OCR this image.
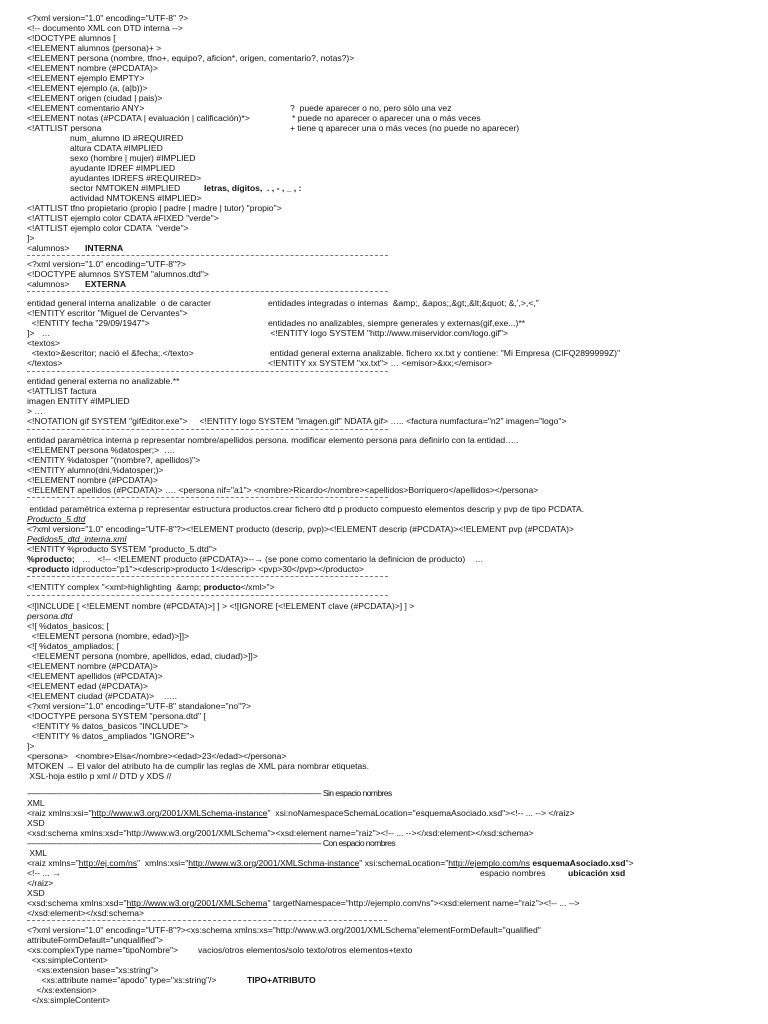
<?xml version="1.0" encoding="UTF-8" ?>
<!-- documento XML con DTD interna -->
<!DOCTYPE alumnos [
<!ELEMENT alumnos (persona)+ >
<!ELEMENT persona (nombre, tfno+, equipo?, aficion*, origen, comentario?, notas?)>
<!ELEMENT nombre (#PCDATA)>
<!ELEMENT ejemplo EMPTY>
<!ELEMENT ejemplo (a, (a|b))>
<!ELEMENT origen (ciudad | pais)>
<!ELEMENT comentario ANY>
<!ELEMENT notas (#PCDATA | evaluación | calificación)*>
<!ATTLIST persona
?  puede aparecer o no, pero sólo una vez
* puede no aparecer o aparecer una o más veces
+ tiene q aparecer una o más veces (no puede no aparecer)
num_alumno ID #REQUIRED
altura CDATA #IMPLIED
sexo (hombre | mujer) #IMPLIED
ayudante IDREF #IMPLIED
ayudantes IDREFS #REQUIRED>
sector NMTOKEN #IMPLIED	letras, dígitos,  . , - , _ , :
actividad NMTOKENS #IMPLIED>
<!ATTLIST tfno propietario (propio | padre | madre | tutor) "propio">
<!ATTLIST ejemplo color CDATA #FIXED "verde">
<!ATTLIST ejemplo color CDATA  "verde">
]>
<alumnos> INTERNA
<?xml version="1.0" encoding="UTF-8"?>
<!DOCTYPE alumnos SYSTEM "alumnos.dtd">
<alumnos> EXTERNA
entidad general interna analizable  o de caracter
<!ENTITY escritor "Miguel de Cervantes">
<!ENTITY fecha "29/09/1947">
]>   …
<textos>
<texto>&escritor; nació el &fecha;.</texto>
</textos>
entidades integradas o internas  &amp;, &apos;,&gt;,&lt;&quot; &,',>,<,"
entidades no analizables, siempre generales y externas(gif,exe...)**
<!ENTITY logo SYSTEM "http://www.miservidor.com/logo.gif">
entidad general externa analizable. fichero xx.txt y contiene: "Mi Empresa (CIFQ2899999Z)"
<!ENTITY xx SYSTEM "xx.txt"> … <emisor>&xx;</emisor>
entidad general externa no analizable.**
<!ATTLIST factura
imagen ENTITY #IMPLIED
> …
<!NOTATION gif SYSTEM "gifEditor.exe">     <!ENTITY logo SYSTEM "imagen.gif" NDATA gif> ….. <factura numfactura="n2" imagen="logo">
entidad paramétrica interna p representar nombre/apellidos persona. modificar elemento persona para definirlo con la entidad…..
<!ELEMENT persona %datosper;>  ….
<!ENTITY %datosper "(nombre?, apellidos)">
<!ENTITY alumno(dni,%datosper;)>
<!ELEMENT nombre (#PCDATA)>
<!ELEMENT apellidos (#PCDATA)> …. <persona nif="a1"> <nombre>Ricardo</nombre><apellidos>Borriquero</apellidos></persona>
entidad paramétrica externa p representar estructura productos.crear fichero dtd p producto compuesto elementos descrip y pvp de tipo PCDATA.
Producto_5.dtd
<?xml version="1.0" encoding="UTF-8"?><!ELEMENT producto (descrip, pvp)><!ELEMENT descrip (#PCDATA)><!ELEMENT pvp (#PCDATA)>
Pedidos5_dtd_interna.xml
<!ENTITY %producto SYSTEM "producto_5.dtd">
%producto;   …   <!-- <!ELEMENT producto (#PCDATA)>--→ (se pone como comentario la definicion de producto)    …
<producto idproducto="p1"><descrip>producto 1</descrip> <pvp>30</pvp></producto>
<!ENTITY complex "<xml>highlighting  &amp; producto</xml>">
<![INCLUDE [ <!ELEMENT nombre (#PCDATA)>] ] > <![IGNORE [<!ELEMENT clave (#PCDATA)>] ] >
persona.dtd
<![ %datos_basicos; [
<!ELEMENT persona (nombre, edad)>]]>
<![ %datos_ampliados; [
<!ELEMENT persona (nombre, apellidos, edad, ciudad)>]]>
<!ELEMENT nombre (#PCDATA)>
<!ELEMENT apellidos (#PCDATA)>
<!ELEMENT edad (#PCDATA)>
<!ELEMENT ciudad (#PCDATA)>    …..
<?xml version="1.0" encoding="UTF-8" standalone="no"?>
<!DOCTYPE persona SYSTEM "persona.dtd" [
<!ENTITY % datos_basicos "INCLUDE">
<!ENTITY % datos_ampliados "IGNORE">
]>
<persona>   <nombre>Elsa</nombre><edad>23</edad></persona>
MTOKEN → El valor del atributo ha de cumplir las reglas de XML para nombrar etiquetas.
XSL-hoja estilo p xml // DTD y XDS //
---------------------------------------------------------------------------------------------------------------------------------- Sin espacio nombres
XML
<raiz xmlns:xsi="http://www.w3.org/2001/XMLSchema-instance"  xsi:noNamespaceSchemaLocation="esquemaAsociado.xsd"><!-- ... --> </raiz>
XSD
<xsd:schema xmlns:xsd="http://www.w3.org/2001/XMLSchema"><xsd:element name="raiz"><!-- ... --></xsd:element></xsd:schema>
---------------------------------------------------------------------------------------------------------------------------------- Con espacio nombres
XML
<raiz xmlns="http://ej.com/ns"  xmlns:xsi="http://www.w3.org/2001/XMLSchma-instance" xsi:schemaLocation="http://ejemplo.com/ns esquemaAsociado.xsd">
<!-- ... →	espacio nombres	ubicación xsd
</raiz>
XSD
<xsd:schema xmlns:xsd="http://www.w3.org/2001/XMLSchema" targetNamespace="http://ejemplo.com/ns"><xsd:element name="raiz"><!-- ... -->
</xsd:element></xsd:schema>
<?xml version="1.0" encoding="UTF-8"?><xs:schema xmlns:xs="http://www.w3.org/2001/XMLSchema"elementFormDefault="qualified"
attributeFormDefault="unqualified">
<xs:complexType name="tipoNombre"> vacios/otros elementos/solo texto/otros elementos+texto
<xs:simpleContent>
<xs:extension base="xs:string">
<xs:attribute name="apodo" type="xs:string"/>	TIPO+ATRIBUTO
</xs:extension>
</xs:simpleContent>
